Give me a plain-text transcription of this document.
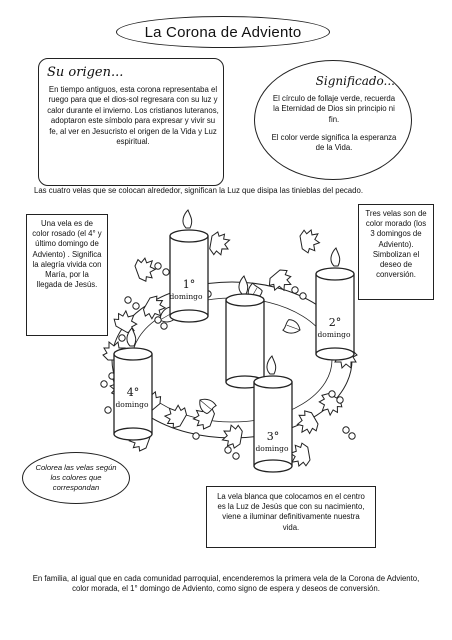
La Corona de Adviento
Su origen...
En tiempo antiguos, esta corona representaba el ruego para que el dios-sol regresara con su luz y calor durante el invierno. Los cristianos luteranos, adoptaron este símbolo para expresar y vivir su fe, al ver en Jesucristo el origen de la Vida y Luz espiritual.
Significado...
El círculo de follaje verde, recuerda la Eternidad de Dios sin principio ni fin.
El color verde significa la esperanza de la Vida.
Las cuatro velas que se colocan alrededor, significan la Luz que disipa las tinieblas del pecado.
1°
domingo
2°
domingo
4°
domingo
3°
domingo

Una vela es de color rosado (el 4° y último domingo de Adviento) . Significa la alegría vivida con María, por la llegada de Jesús.

Tres velas son de color morado (los 3 domingos de Adviento). Simbolizan el deseo de conversión.

Colorea las velas según los colores que correspondan

La vela blanca que colocamos en el centro es la Luz de Jesús que con su nacimiento, viene a iluminar definitivamente nuestra vida.

En familia, al igual que en cada comunidad parroquial, encenderemos la primera vela de la Corona de Adviento, color morada, el 1° domingo de Adviento, como signo de espera y deseos de conversión.
